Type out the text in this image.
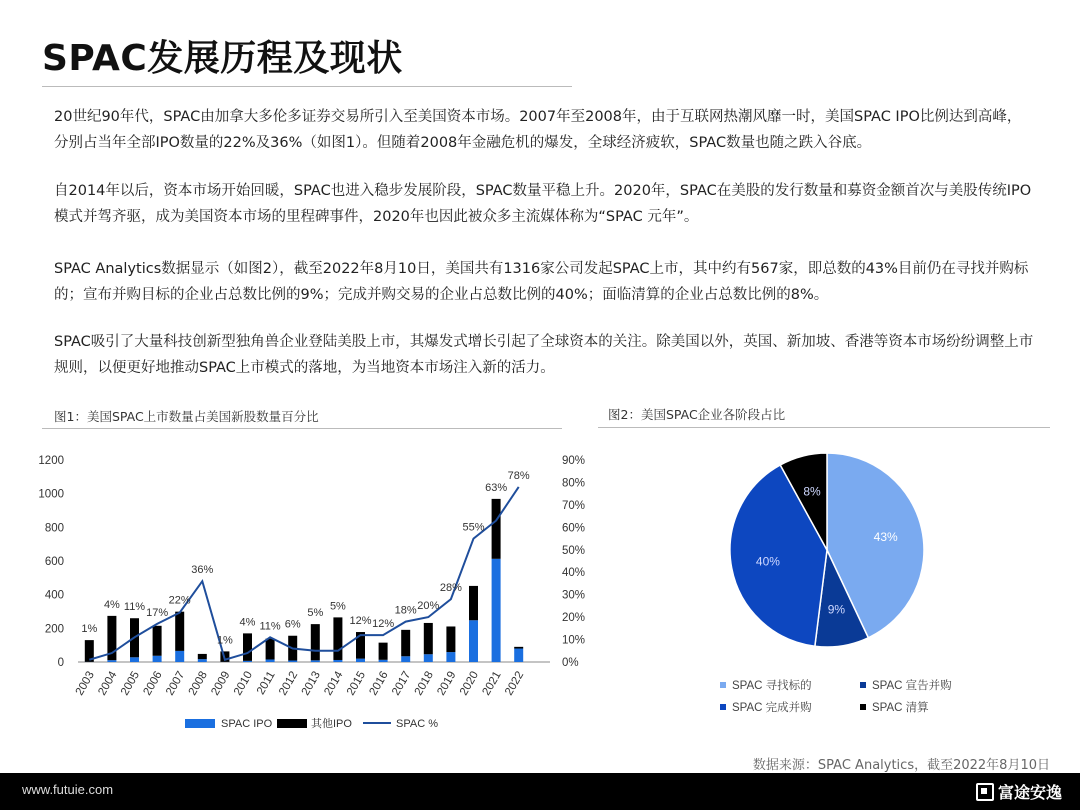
SPAC发展历程及现状
20世纪90年代，SPAC由加拿大多伦多证券交易所引入至美国资本市场。2007年至2008年，由于互联网热潮风靡一时，美国SPAC IPO比例达到高峰，分别占当年全部IPO数量的22%及36%（如图1）。但随着2008年金融危机的爆发，全球经济疲软，SPAC数量也随之跌入谷底。
自2014年以后，资本市场开始回暖，SPAC也进入稳步发展阶段，SPAC数量平稳上升。2020年，SPAC在美股的发行数量和募资金额首次与美股传统IPO模式并驾齐驱，成为美国资本市场的里程碑事件，2020年也因此被众多主流媒体称为“SPAC 元年”。
SPAC Analytics数据显示（如图2），截至2022年8月10日，美国共有1316家公司发起SPAC上市，其中约有567家，即总数的43%目前仍在寻找并购标的；宣布并购目标的企业占总数比例的9%；完成并购交易的企业占总数比例的40%；面临清算的企业占总数比例的8%。
SPAC吸引了大量科技创新型独角兽企业登陆美股上市，其爆发式增长引起了全球资本的关注。除美国以外，英国、新加坡、香港等资本市场纷纷调整上市规则，以便更好地推动SPAC上市模式的落地，为当地资本市场注入新的活力。
图1：美国SPAC上市数量占美国新股数量百分比	图2：美国SPAC企业各阶段占比
0
200
400
600
800
1000
1200
0%
10%
20%
30%
40%
50%
60%
70%
80%
90%
2003 2004 2005 2006 2007 2008 2009 2010 2011 2012 2013 2014 2015 2016 2017 2018 2019 2020 2021 2022
1%
4% 11% 17%
22%
36%
1%
4% 11% 6%
5%
5%
12% 12%
18% 20%
28%
55%
63%
78%
SPAC IPO	其他IPO	SPAC %
43%
9%
40%
8%
SPAC 寻找标的	SPAC 宣告并购
SPAC 完成并购	SPAC 清算
数据来源：SPAC Analytics，截至2022年8月10日
www.futuie.com	富途安逸
